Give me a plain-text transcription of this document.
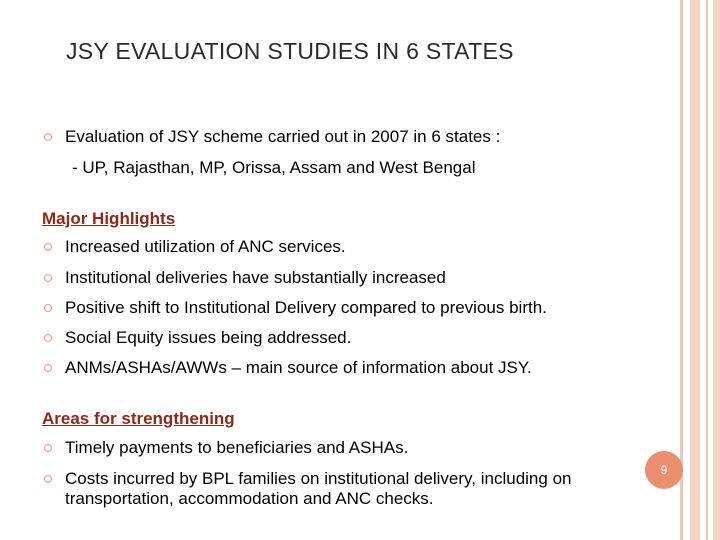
JSY EVALUATION STUDIES IN 6 STATES
Evaluation of JSY scheme carried out in 2007 in 6 states :
- UP, Rajasthan, MP, Orissa, Assam and West Bengal
Major Highlights
Increased utilization of ANC services.
Institutional deliveries have substantially increased
Positive shift to Institutional Delivery compared to previous birth.
Social Equity issues being addressed.
ANMs/ASHAs/AWWs – main source of information about JSY.
Areas for strengthening
Timely payments to beneficiaries and ASHAs.
Costs incurred by BPL families on institutional delivery, including on transportation, accommodation and ANC checks.
9
